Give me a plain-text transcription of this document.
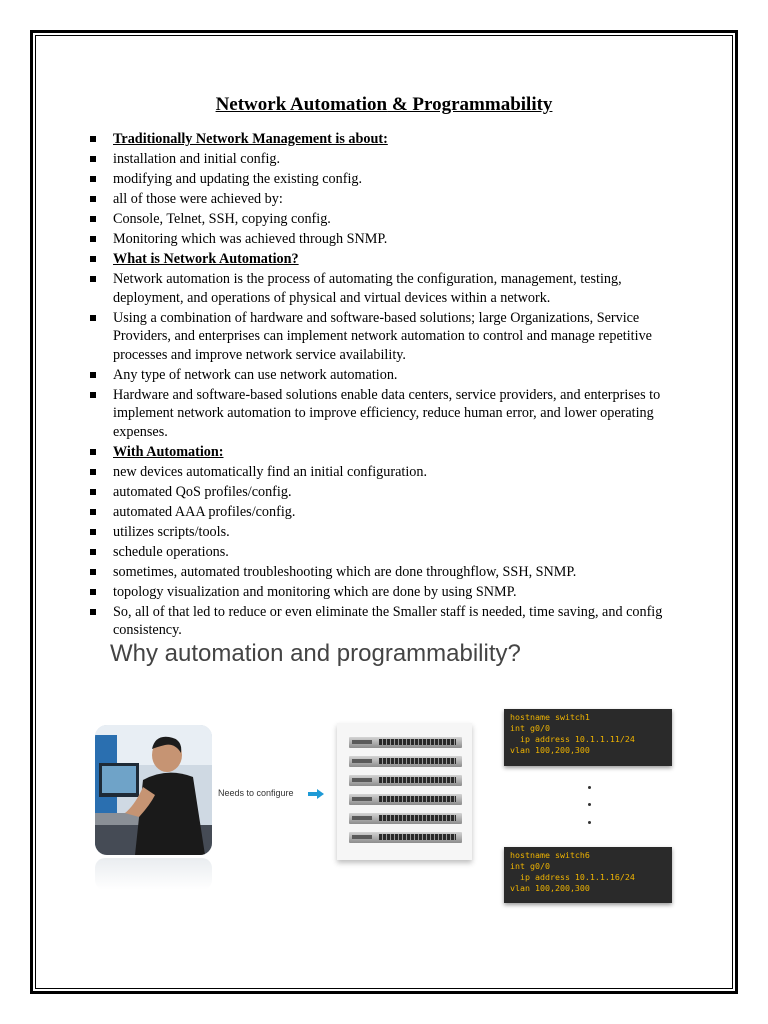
Network Automation & Programmability
Traditionally Network Management is about:
installation and initial config.
modifying and updating the existing config.
all of those were achieved by:
Console, Telnet, SSH, copying config.
Monitoring which was achieved through SNMP.
What is Network Automation?
Network automation is the process of automating the configuration, management, testing, deployment, and operations of physical and virtual devices within a network.
Using a combination of hardware and software-based solutions; large Organizations, Service Providers, and enterprises can implement network automation to control and manage repetitive processes and improve network service availability.
Any type of network can use network automation.
Hardware and software-based solutions enable data centers, service providers, and enterprises to implement network automation to improve efficiency, reduce human error, and lower operating expenses.
With Automation:
new devices automatically find an initial configuration.
automated QoS profiles/config.
automated AAA profiles/config.
utilizes scripts/tools.
schedule operations.
sometimes, automated troubleshooting which are done throughflow, SSH, SNMP.
topology visualization and monitoring which are done by using SNMP.
So, all of that led to reduce or even eliminate the Smaller staff is needed, time saving, and config consistency.
Why automation and programmability?
Needs to configure
hostname switch1
int g0/0
ip address 10.1.1.11/24
vlan 100,200,300
hostname switch6
int g0/0
ip address 10.1.1.16/24
vlan 100,200,300
